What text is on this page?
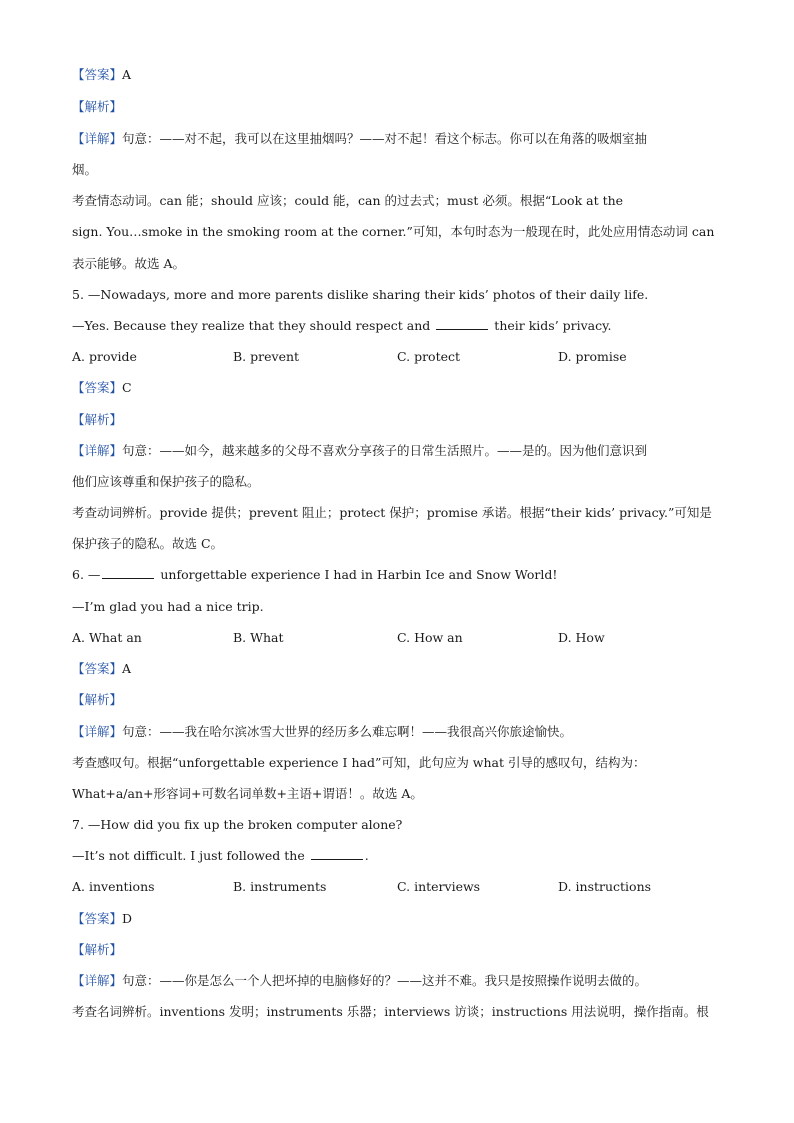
【答案】A
【解析】
【详解】句意：——对不起，我可以在这里抽烟吗？——对不起！看这个标志。你可以在角落的吸烟室抽
烟。
考查情态动词。can 能；should 应该；could 能，can 的过去式；must 必须。根据“Look at the
sign. You…smoke in the smoking room at the corner.”可知，本句时态为一般现在时，此处应用情态动词 can
表示能够。故选 A。
5. —Nowadays, more and more parents dislike sharing their kids’ photos of their daily life.
—Yes. Because they realize that they should respect and	their kids’ privacy.
A. provide	B. prevent	C. protect	D. promise
【答案】C
【解析】
【详解】句意：——如今，越来越多的父母不喜欢分享孩子的日常生活照片。——是的。因为他们意识到
他们应该尊重和保护孩子的隐私。
考查动词辨析。provide 提供；prevent 阻止；protect 保护；promise 承诺。根据“their kids’ privacy.”可知是
保护孩子的隐私。故选 C。
6. —	unforgettable experience I had in Harbin Ice and Snow World!
—I’m glad you had a nice trip.
A. What an	B. What	C. How an	D. How
【答案】A
【解析】
【详解】句意：——我在哈尔滨冰雪大世界的经历多么难忘啊！——我很高兴你旅途愉快。
考查感叹句。根据“unforgettable experience I had”可知，此句应为 what 引导的感叹句，结构为：
What+a/an+形容词+可数名词单数+主语+谓语！。故选 A。
7. —How did you fix up the broken computer alone?
—It’s not difficult. I just followed the	.
A. inventions	B. instruments	C. interviews	D. instructions
【答案】D
【解析】
【详解】句意：——你是怎么一个人把坏掉的电脑修好的？——这并不难。我只是按照操作说明去做的。
考查名词辨析。inventions 发明；instruments 乐器；interviews 访谈；instructions 用法说明，操作指南。根
